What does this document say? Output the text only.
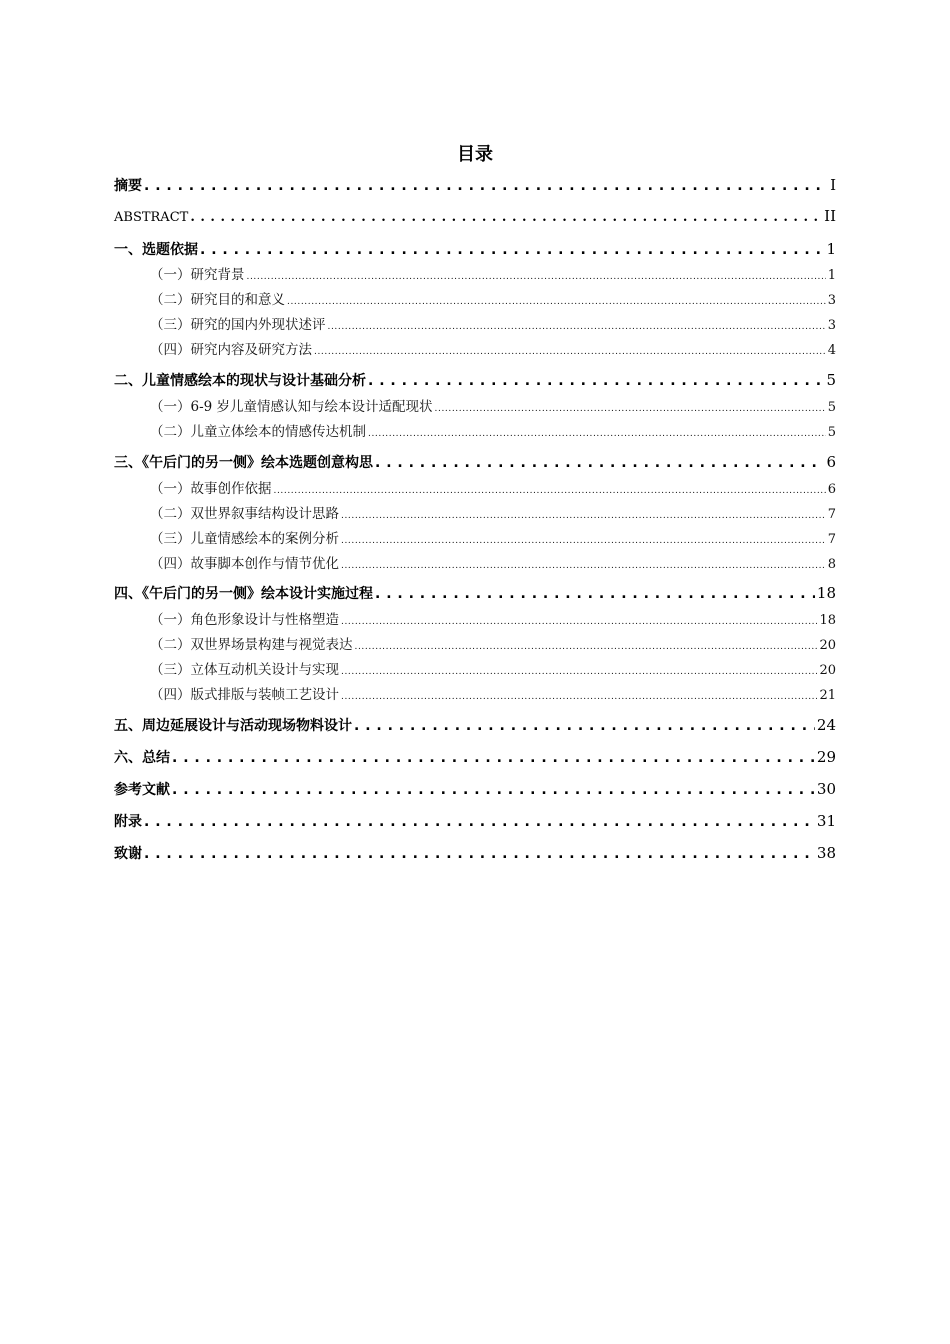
目录
摘要 . . .	I
ABSTRACT . . .	II
一、选题依据 . . .	1
（一）研究背景 .....	1
（二）研究目的和意义 .....	3
（三）研究的国内外现状述评 .....	3
（四）研究内容及研究方法 .....	4
二、儿童情感绘本的现状与设计基础分析 . . .	5
（一）6-9 岁儿童情感认知与绘本设计适配现状 .....	5
（二）儿童立体绘本的情感传达机制 .....	5
三、《午后门的另一侧》绘本选题创意构思 . . .	6
（一）故事创作依据 .....	6
（二）双世界叙事结构设计思路 .....	7
（三）儿童情感绘本的案例分析 .....	7
（四）故事脚本创作与情节优化 .....	8
四、《午后门的另一侧》绘本设计实施过程 . . .	18
（一）角色形象设计与性格塑造 .....	18
（二）双世界场景构建与视觉表达 .....	20
（三）立体互动机关设计与实现 .....	20
（四）版式排版与装帧工艺设计 .....	21
五、周边延展设计与活动现场物料设计 . . .	24
六、总结 . . .	29
参考文献 . . .	30
附录 . . .	31
致谢 . . .	38
